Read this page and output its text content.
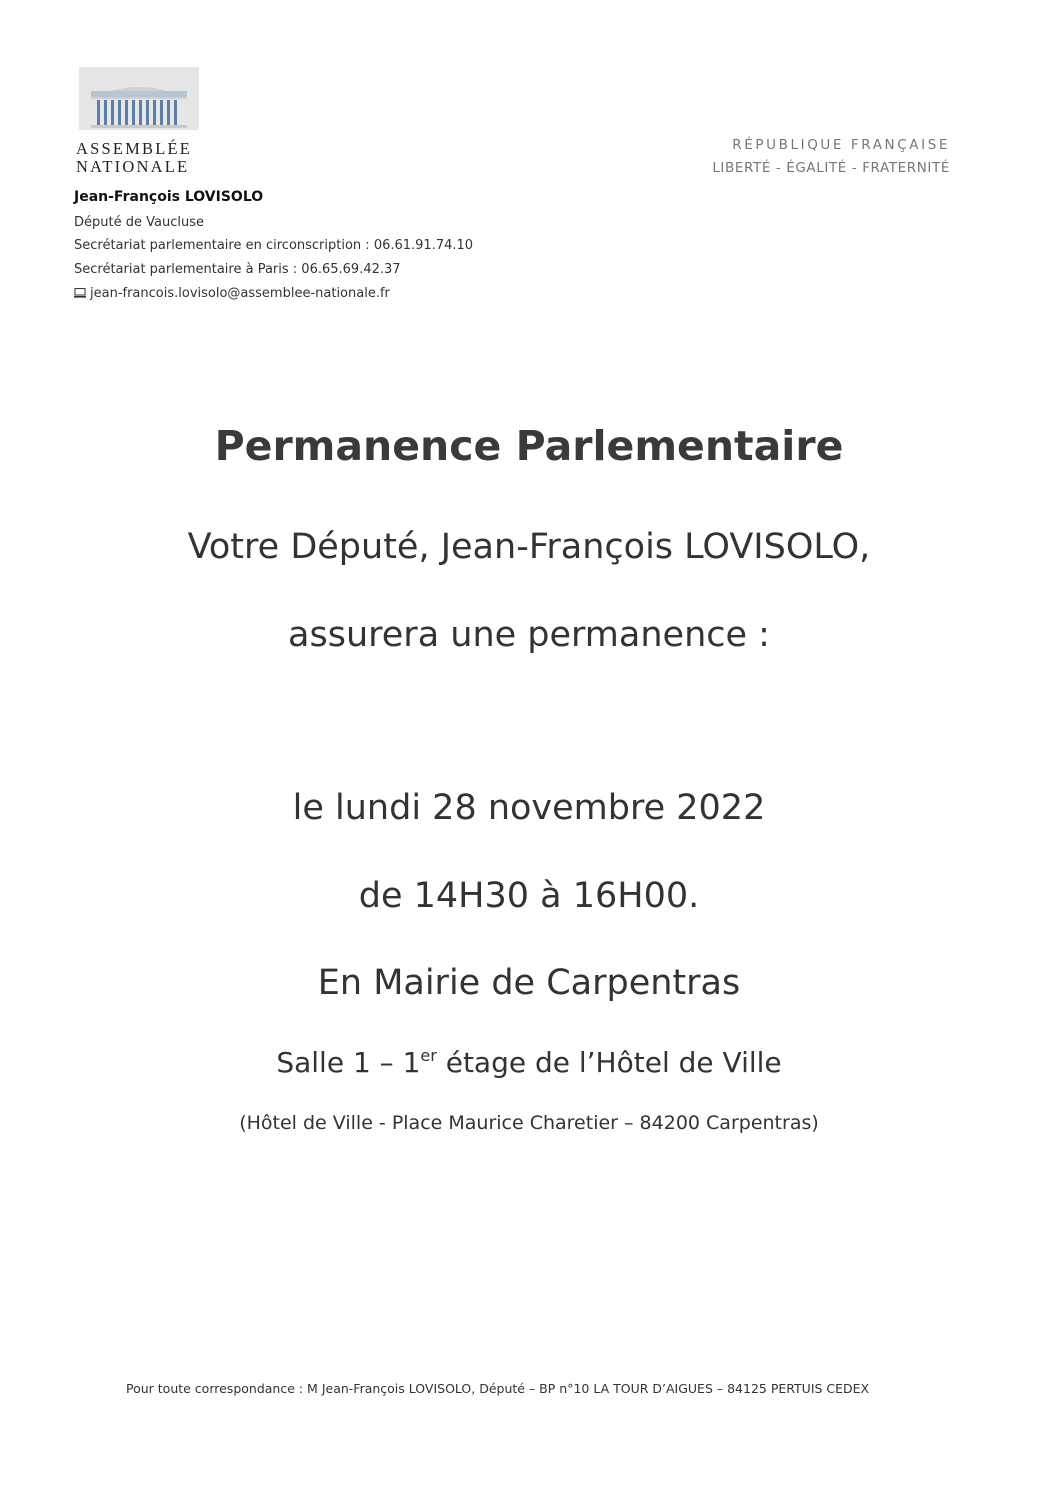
ASSEMBLÉE
NATIONALE
Jean-François LOVISOLO
Député de Vaucluse
Secrétariat parlementaire en circonscription : 06.61.91.74.10
Secrétariat parlementaire à Paris : 06.65.69.42.37
jean-francois.lovisolo@assemblee-nationale.fr
RÉPUBLIQUE FRANÇAISE
LIBERTÉ - ÉGALITÉ - FRATERNITÉ
Permanence Parlementaire
Votre Député, Jean-François LOVISOLO,
assurera une permanence :
le lundi 28 novembre 2022
de 14H30 à 16H00.
En Mairie de Carpentras
Salle 1 – 1er étage de l’Hôtel de Ville
(Hôtel de Ville - Place Maurice Charetier – 84200 Carpentras)
Pour toute correspondance : M Jean-François LOVISOLO, Député – BP n°10 LA TOUR D’AIGUES – 84125 PERTUIS CEDEX
